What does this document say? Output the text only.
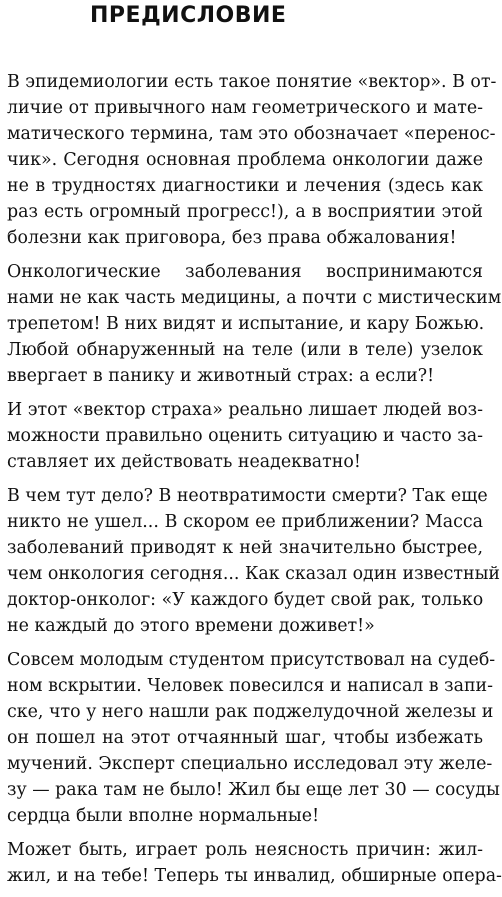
ПРЕДИСЛОВИЕ

В эпидемиологии есть такое понятие «вектор». В от-
личие от привычного нам геометрического и мате-
матического термина, там это обозначает «перенос-
чик». Сегодня основная проблема онкологии даже
не в трудностях диагностики и лечения (здесь как
раз есть огромный прогресс!), а в восприятии этой
болезни как приговора, без права обжалования!

Онкологические заболевания воспринимаются
нами не как часть медицины, а почти с мистическим
трепетом! В них видят и испытание, и кару Божью.
Любой обнаруженный на теле (или в теле) узелок
ввергает в панику и животный страх: а если?!

И этот «вектор страха» реально лишает людей воз-
можности правильно оценить ситуацию и часто за-
ставляет их действовать неадекватно!

В чем тут дело? В неотвратимости смерти? Так еще
никто не ушел... В скором ее приближении? Масса
заболеваний приводят к ней значительно быстрее,
чем онкология сегодня... Как сказал один известный
доктор-онколог: «У каждого будет свой рак, только
не каждый до этого времени доживет!»

Совсем молодым студентом присутствовал на судеб-
ном вскрытии. Человек повесился и написал в запи-
ске, что у него нашли рак поджелудочной железы и
он пошел на этот отчаянный шаг, чтобы избежать
мучений. Эксперт специально исследовал эту желе-
зу — рака там не было! Жил бы еще лет 30 — сосуды
сердца были вполне нормальные!

Может быть, играет роль неясность причин: жил-
жил, и на тебе! Теперь ты инвалид, обширные опера-
